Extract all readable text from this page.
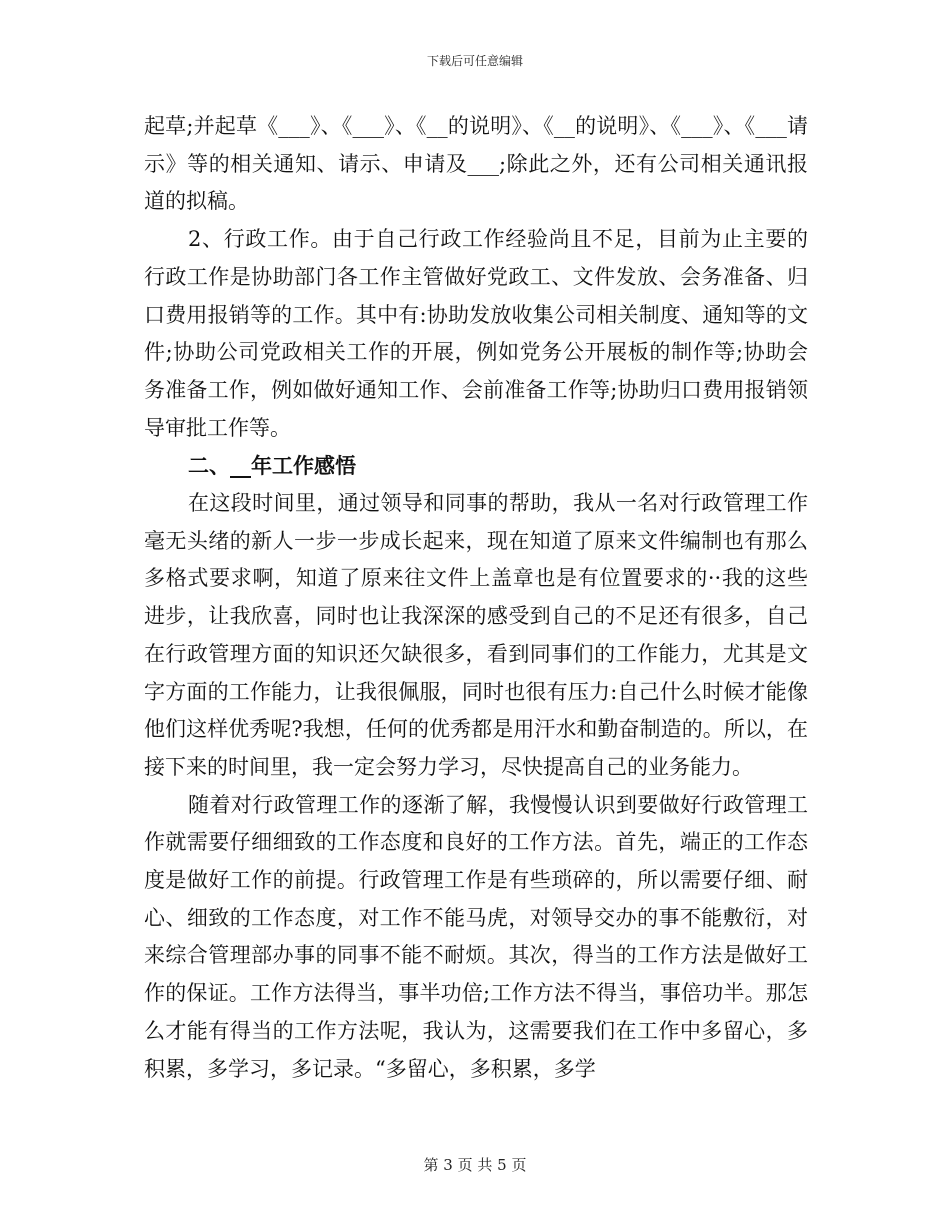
下载后可任意编辑

起草;并起草《___》、《___》、《__的说明》、《__的说明》、《___》、《___请示》等的相关通知、请示、申请及___;除此之外，还有公司相关通讯报道的拟稿。

2、行政工作。由于自己行政工作经验尚且不足，目前为止主要的行政工作是协助部门各工作主管做好党政工、文件发放、会务准备、归口费用报销等的工作。其中有:协助发放收集公司相关制度、通知等的文件;协助公司党政相关工作的开展，例如党务公开展板的制作等;协助会务准备工作，例如做好通知工作、会前准备工作等;协助归口费用报销领导审批工作等。

二、__年工作感悟

在这段时间里，通过领导和同事的帮助，我从一名对行政管理工作毫无头绪的新人一步一步成长起来，现在知道了原来文件编制也有那么多格式要求啊，知道了原来往文件上盖章也是有位置要求的··我的这些进步，让我欣喜，同时也让我深深的感受到自己的不足还有很多，自己在行政管理方面的知识还欠缺很多，看到同事们的工作能力，尤其是文字方面的工作能力，让我很佩服，同时也很有压力:自己什么时候才能像他们这样优秀呢?我想，任何的优秀都是用汗水和勤奋制造的。所以，在接下来的时间里，我一定会努力学习，尽快提高自己的业务能力。

随着对行政管理工作的逐渐了解，我慢慢认识到要做好行政管理工作就需要仔细细致的工作态度和良好的工作方法。首先，端正的工作态度是做好工作的前提。行政管理工作是有些琐碎的，所以需要仔细、耐心、细致的工作态度，对工作不能马虎，对领导交办的事不能敷衍，对来综合管理部办事的同事不能不耐烦。其次，得当的工作方法是做好工作的保证。工作方法得当，事半功倍;工作方法不得当，事倍功半。那怎么才能有得当的工作方法呢，我认为，这需要我们在工作中多留心，多积累，多学习，多记录。“多留心，多积累，多学

第 3 页 共 5 页
